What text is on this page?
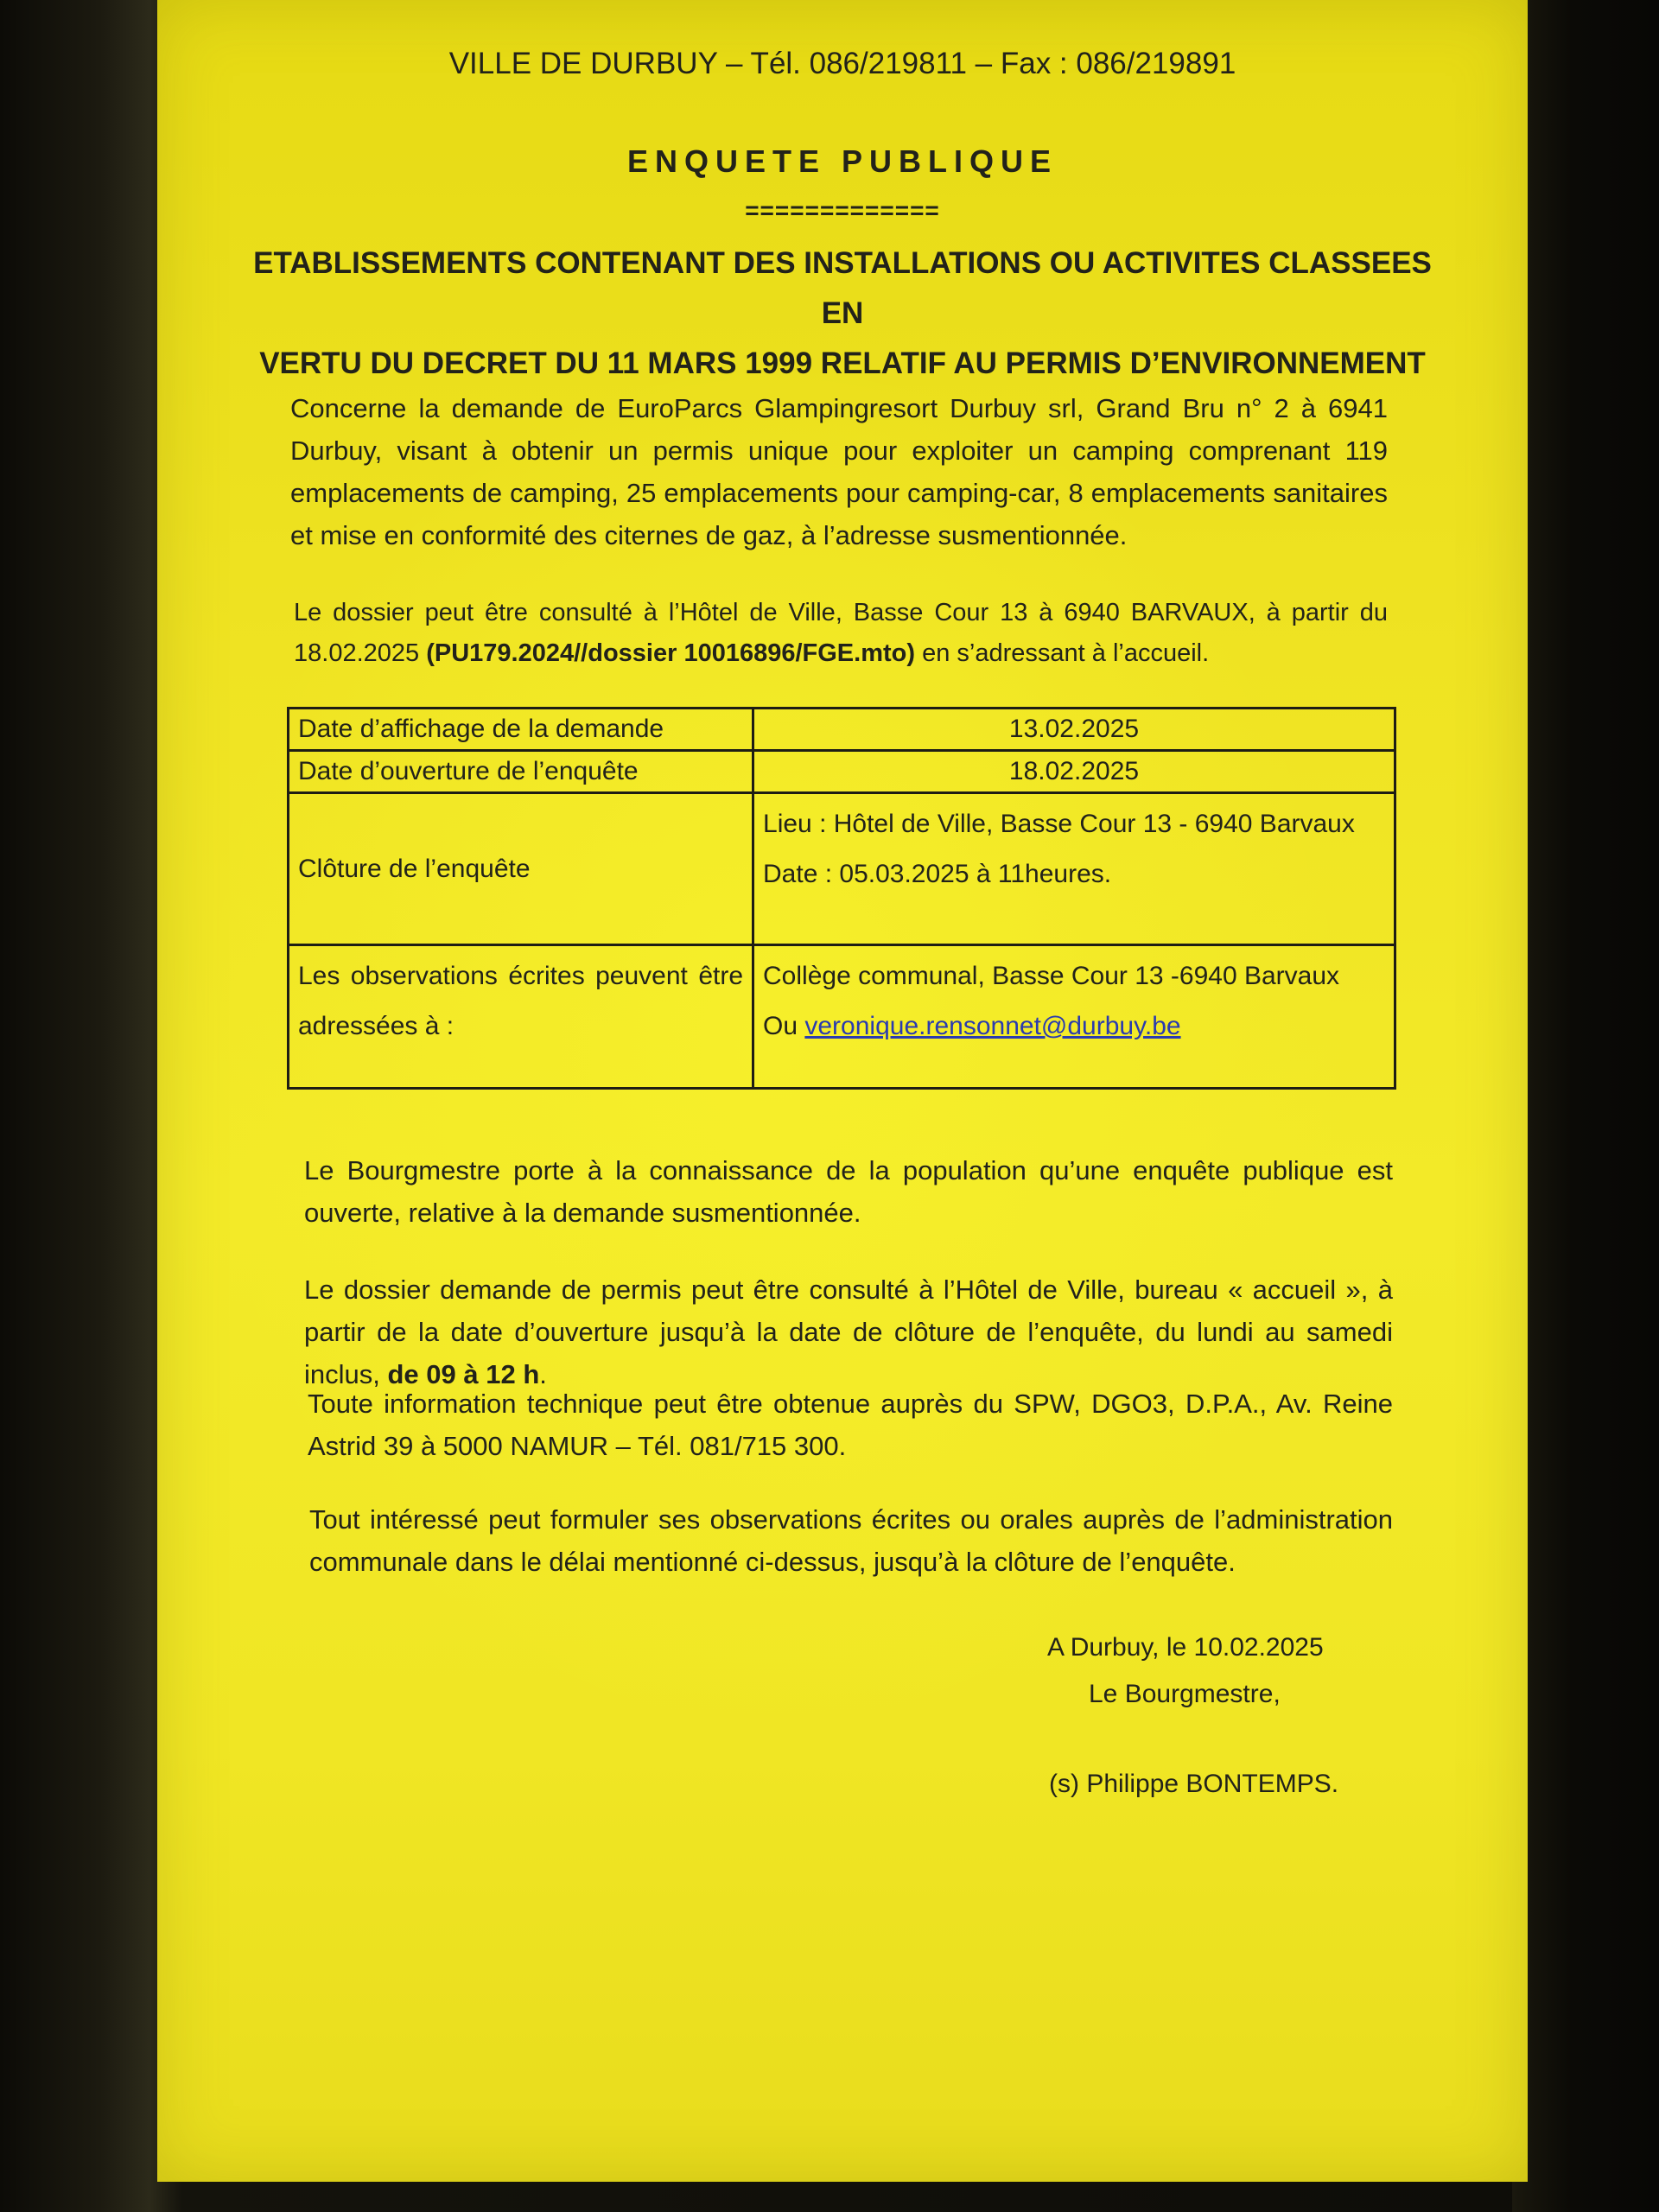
VILLE DE DURBUY – Tél. 086/219811 – Fax : 086/219891
ENQUETE PUBLIQUE
=============
ETABLISSEMENTS CONTENANT DES INSTALLATIONS OU ACTIVITES CLASSEES EN
VERTU DU DECRET DU 11 MARS 1999 RELATIF AU PERMIS D’ENVIRONNEMENT
Concerne la demande de EuroParcs Glampingresort Durbuy srl, Grand Bru n° 2 à 6941 Durbuy, visant à obtenir un permis unique pour exploiter un camping comprenant 119 emplacements de camping, 25 emplacements pour camping-car, 8 emplacements sanitaires et mise en conformité des citernes de gaz, à l’adresse susmentionnée.
Le dossier peut être consulté à l’Hôtel de Ville, Basse Cour 13 à 6940 BARVAUX, à partir du 18.02.2025 (PU179.2024//dossier 10016896/FGE.mto) en s’adressant à l’accueil.
Date d’affichage de la demande	13.02.2025
Date d’ouverture de l’enquête	18.02.2025
Clôture de l’enquête	Lieu : Hôtel de Ville, Basse Cour 13 - 6940 Barvaux
Date : 05.03.2025 à 11heures.

Les observations écrites peuvent être adressées à :	Collège communal, Basse Cour 13 -6940 Barvaux
Ou veronique.rensonnet@durbuy.be
Le Bourgmestre porte à la connaissance de la population qu’une enquête publique est ouverte, relative à la demande susmentionnée.
Le dossier demande de permis peut être consulté à l’Hôtel de Ville, bureau « accueil », à partir de la date d’ouverture jusqu’à la date de clôture de l’enquête, du lundi au samedi inclus, de 09 à 12 h.
Toute information technique peut être obtenue auprès du SPW, DGO3, D.P.A., Av. Reine Astrid 39 à 5000 NAMUR – Tél. 081/715 300.
Tout intéressé peut formuler ses observations écrites ou orales auprès de l’administration communale dans le délai mentionné ci-dessus, jusqu’à la clôture de l’enquête.
A Durbuy, le 10.02.2025
Le Bourgmestre,
(s) Philippe BONTEMPS.
